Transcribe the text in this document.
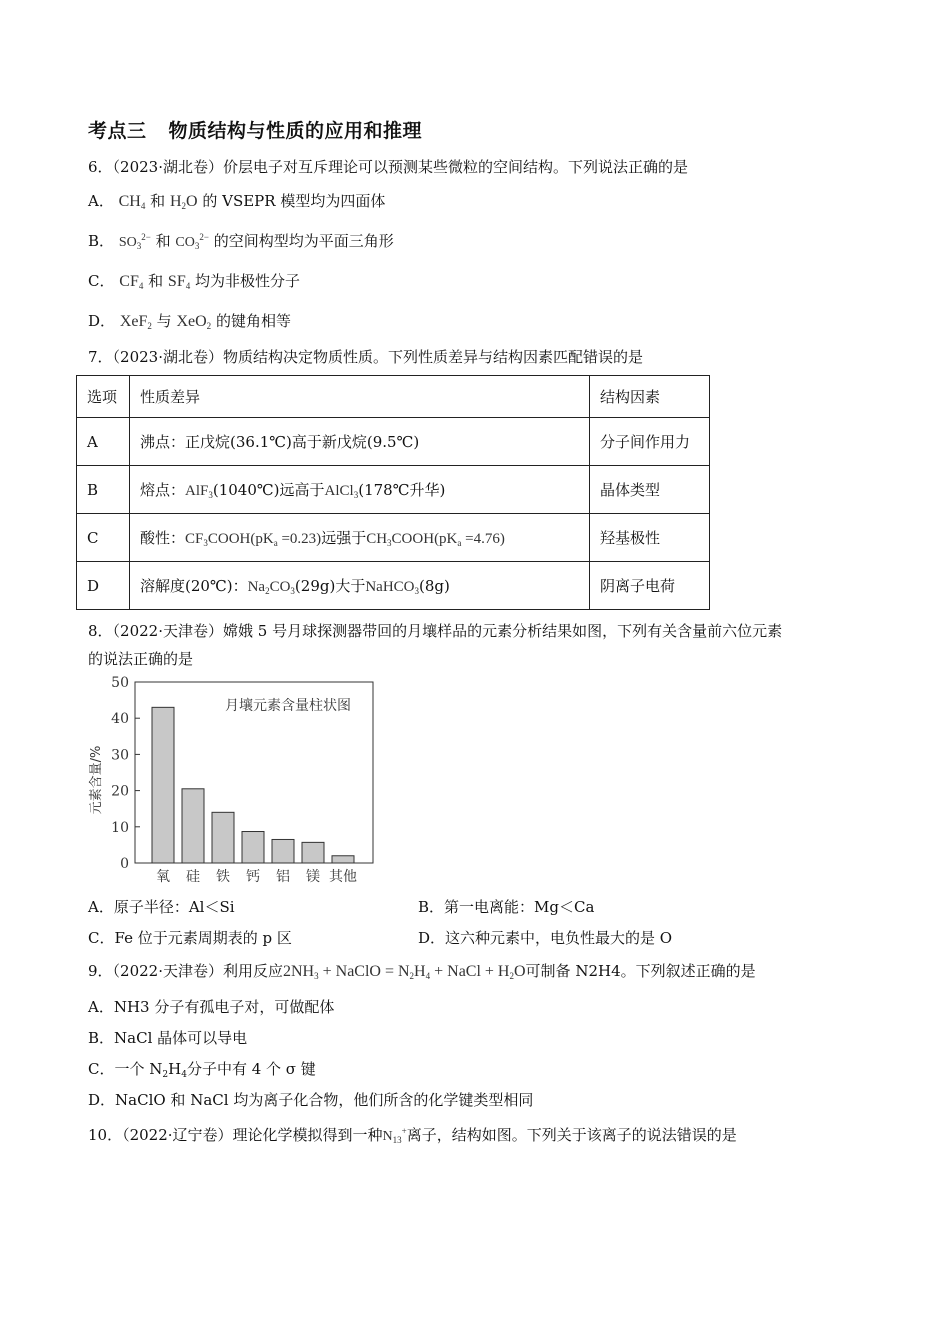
考点三 物质结构与性质的应用和推理
6．（2023·湖北卷）价层电子对互斥理论可以预测某些微粒的空间结构。下列说法正确的是
A． $CH_4$ 和 $H_2O$ 的 VSEPR 模型均为四面体
B． $SO_3^{2-}$ 和 $CO_3^{2-}$ 的空间构型均为平面三角形
C． $CF_4$ 和 $SF_4$ 均为非极性分子
D． XeF$_2$ 与 XeO$_2$ 的键角相等
7．（2023·湖北卷）物质结构决定物质性质。下列性质差异与结构因素匹配错误的是
选项	性质差异	结构因素
A	沸点：正戊烷(36.1℃)高于新戊烷(9.5℃)	分子间作用力
B	熔点：AlF$_3$(1040℃)远高于AlCl$_3$(178℃升华)	晶体类型
C	酸性：$CF_3COOH(pK_a =0.23)$远强于$CH_3COOH(pK_a =4.76)$	羟基极性
D	溶解度(20℃)：$Na_2CO_3(29g)$大于NaHCO$_3$(8g)	阴离子电荷
8．（2022·天津卷）嫦娥 5 号月球探测器带回的月壤样品的元素分析结果如图，下列有关含量前六位元素
的说法正确的是
0
10
20
30
40
50
氧 硅 铁 钙 铝 镁 其他
月壤元素含量柱状图
元素含量/%
A．原子半径：Al＜Si	B．第一电离能：Mg＜Ca
C．Fe 位于元素周期表的 p 区	D．这六种元素中，电负性最大的是 O
9．（2022·天津卷）利用反应$2NH_3$ + NaClO = $N_2H_4$ + NaCl + $H_2O$可制备 N2H4。下列叙述正确的是
A．NH3 分子有孤电子对，可做配体
B．NaCl 晶体可以导电
C．一个 $N_2H_4$分子中有 4 个 σ 键
D．NaClO 和 NaCl 均为离子化合物，他们所含的化学键类型相同
10．（2022·辽宁卷）理论化学模拟得到一种$N_{13}^+$离子，结构如图。下列关于该离子的说法错误的是
